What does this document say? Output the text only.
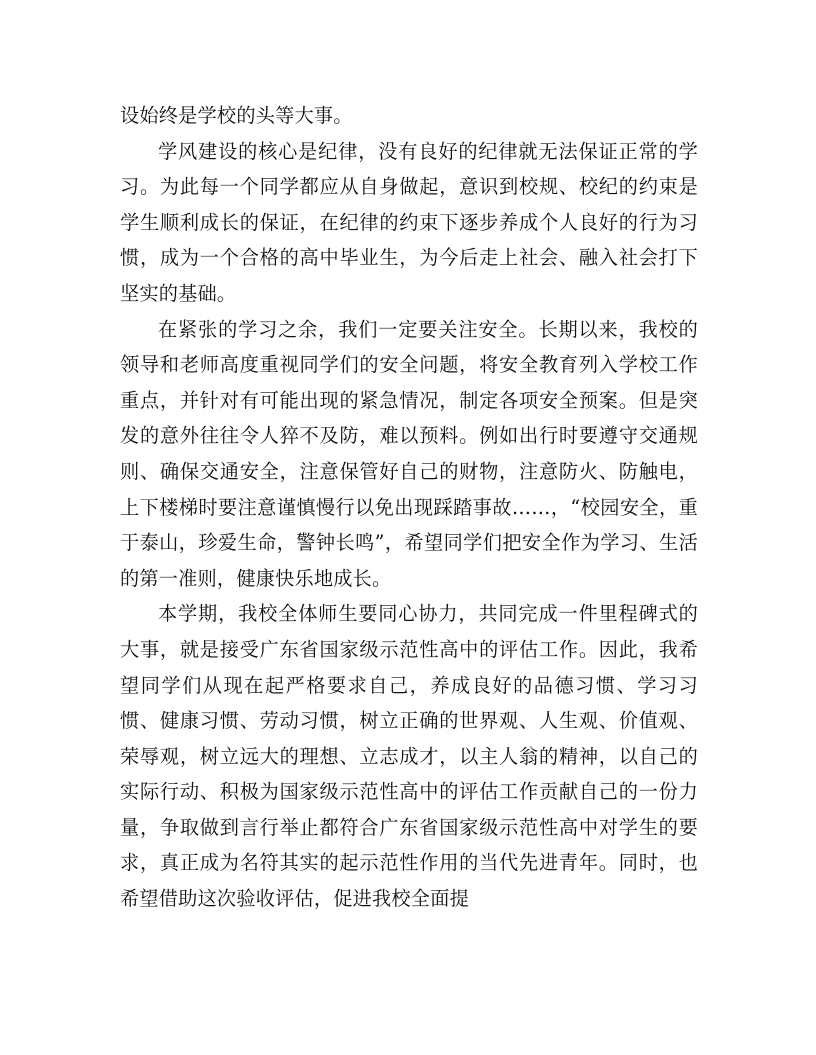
设始终是学校的头等大事。

学风建设的核心是纪律，没有良好的纪律就无法保证正常的学习。为此每一个同学都应从自身做起，意识到校规、校纪的约束是学生顺利成长的保证，在纪律的约束下逐步养成个人良好的行为习惯，成为一个合格的高中毕业生，为今后走上社会、融入社会打下坚实的基础。

在紧张的学习之余，我们一定要关注安全。长期以来，我校的领导和老师高度重视同学们的安全问题，将安全教育列入学校工作重点，并针对有可能出现的紧急情况，制定各项安全预案。但是突发的意外往往令人猝不及防，难以预料。例如出行时要遵守交通规则、确保交通安全，注意保管好自己的财物，注意防火、防触电，上下楼梯时要注意谨慎慢行以免出现踩踏事故……，“校园安全，重于泰山，珍爱生命，警钟长鸣”，希望同学们把安全作为学习、生活的第一准则，健康快乐地成长。

本学期，我校全体师生要同心协力，共同完成一件里程碑式的大事，就是接受广东省国家级示范性高中的评估工作。因此，我希望同学们从现在起严格要求自己，养成良好的品德习惯、学习习惯、健康习惯、劳动习惯，树立正确的世界观、人生观、价值观、荣辱观，树立远大的理想、立志成才，以主人翁的精神，以自己的实际行动、积极为国家级示范性高中的评估工作贡献自己的一份力量，争取做到言行举止都符合广东省国家级示范性高中对学生的要求，真正成为名符其实的起示范性作用的当代先进青年。同时，也希望借助这次验收评估，促进我校全面提
